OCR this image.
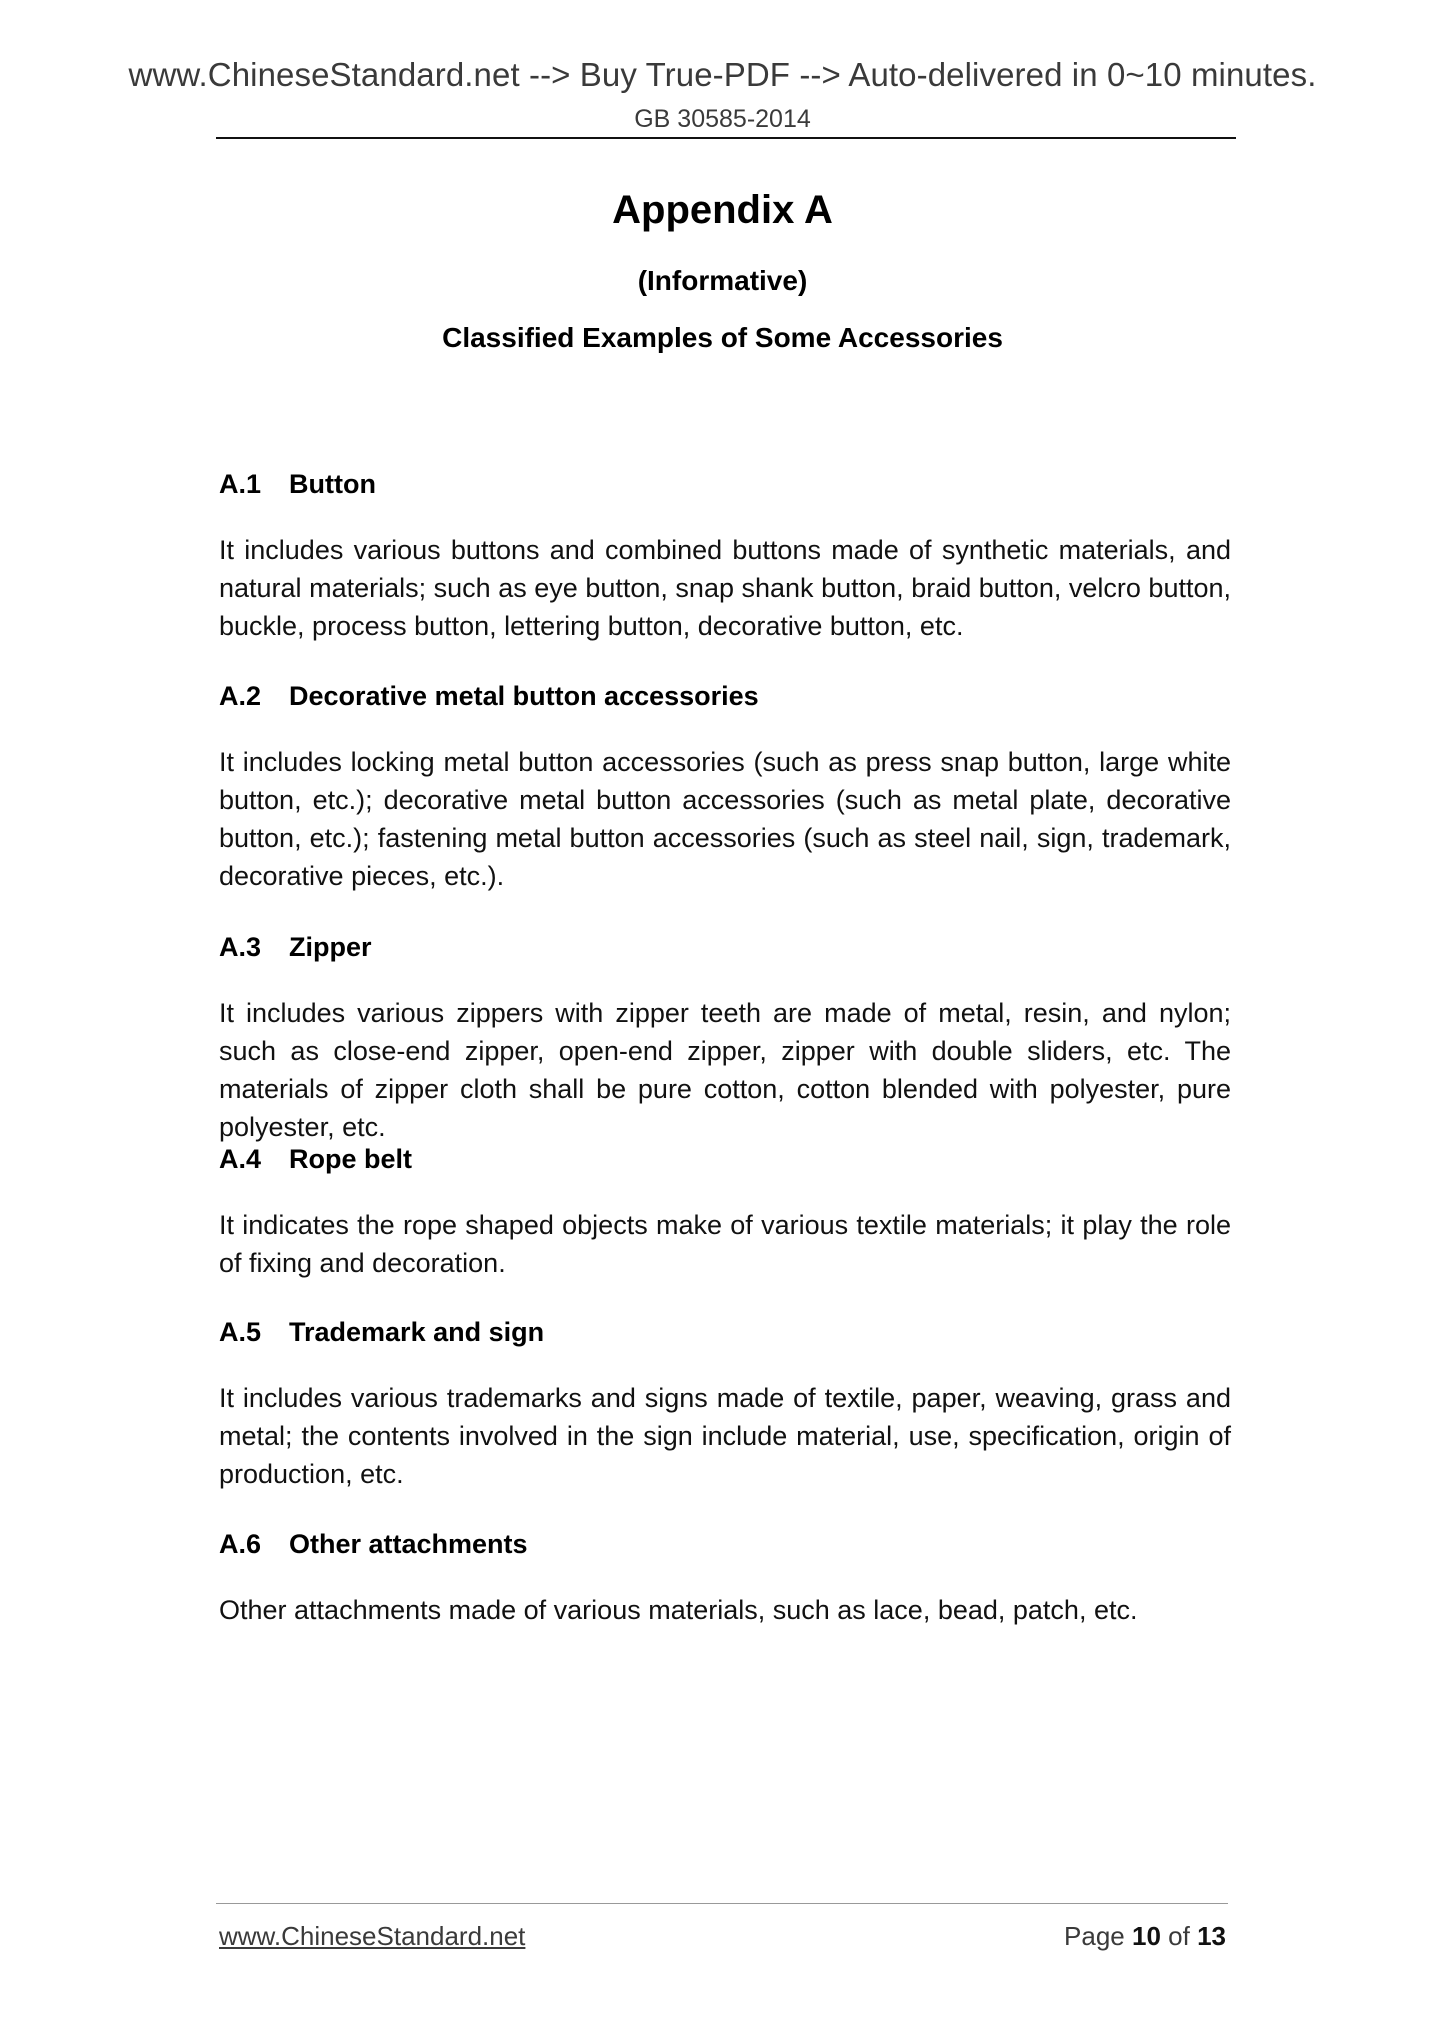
www.ChineseStandard.net --> Buy True-PDF --> Auto-delivered in 0~10 minutes.
GB 30585-2014
Appendix A
(Informative)
Classified Examples of Some Accessories
A.1 Button
It includes various buttons and combined buttons made of synthetic materials, and natural materials; such as eye button, snap shank button, braid button, velcro button, buckle, process button, lettering button, decorative button, etc.
A.2 Decorative metal button accessories
It includes locking metal button accessories (such as press snap button, large white button, etc.); decorative metal button accessories (such as metal plate, decorative button, etc.); fastening metal button accessories (such as steel nail, sign, trademark, decorative pieces, etc.).
A.3 Zipper
It includes various zippers with zipper teeth are made of metal, resin, and nylon; such as close-end zipper, open-end zipper, zipper with double sliders, etc. The materials of zipper cloth shall be pure cotton, cotton blended with polyester, pure polyester, etc.
A.4 Rope belt
It indicates the rope shaped objects make of various textile materials; it play the role of fixing and decoration.
A.5 Trademark and sign
It includes various trademarks and signs made of textile, paper, weaving, grass and metal; the contents involved in the sign include material, use, specification, origin of production, etc.
A.6 Other attachments
Other attachments made of various materials, such as lace, bead, patch, etc.
www.ChineseStandard.net	Page 10 of 13
